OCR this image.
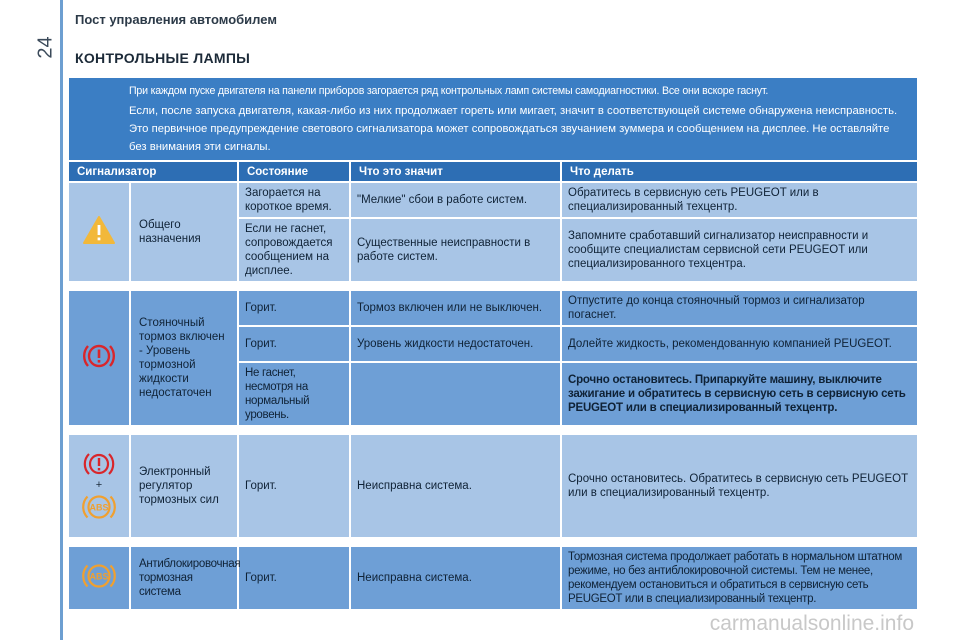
24
Пост управления автомобилем
КОНТРОЛЬНЫЕ ЛАМПЫ

При каждом пуске двигателя на панели приборов загорается ряд контрольных ламп системы самодиагностики. Все они вскоре гаснут.

Если, после запуска двигателя, какая-либо из них продолжает гореть или мигает, значит в соответствующей системе обнаружена неисправность. Это первичное предупреждение светового сигнализатора может сопровождаться звучанием зуммера и сообщением на дисплее. Не оставляйте без внимания эти сигналы.

Сигнализатор		Состояние	Что это значит	Что делать
	Общего назначения	Загорается на короткое время.	"Мелкие" сбои в работе систем.	Обратитесь в сервисную сеть PEUGEOT или в специализированный техцентр.
		Если не гаснет, сопровождается сообщением на дисплее.	Существенные неисправности в работе систем.	Запомните сработавший сигнализатор неисправности и сообщите специалистам сервисной сети PEUGEOT или специализированного техцентра.

	Стояночный тормоз включен - Уровень тормозной жидкости недостаточен	Горит.	Тормоз включен или не выключен.	Отпустите до конца стояночный тормоз и сигнализатор погаснет.
		Горит.	Уровень жидкости недостаточен.	Долейте жидкость, рекомендованную компанией PEUGEOT.
		Не гаснет, несмотря на нормальный уровень.		Срочно остановитесь. Припаркуйте машину, выключите зажигание и обратитесь в сервисную сеть в сервисную сеть PEUGEOT или в специализированный техцентр.

+
ABS	Электронный регулятор тормозных сил	Горит.	Неисправна система.	Срочно остановитесь. Обратитесь в сервисную сеть PEUGEOT или в специализированный техцентр.

ABS	Антиблокировочная тормозная система	Горит.	Неисправна система.	Тормозная система продолжает работать в нормальном штатном режиме, но без антиблокировочной системы. Тем не менее, рекомендуем остановиться и обратиться в сервисную сеть PEUGEOT или в специализированный техцентр.
carmanualsonline.info
